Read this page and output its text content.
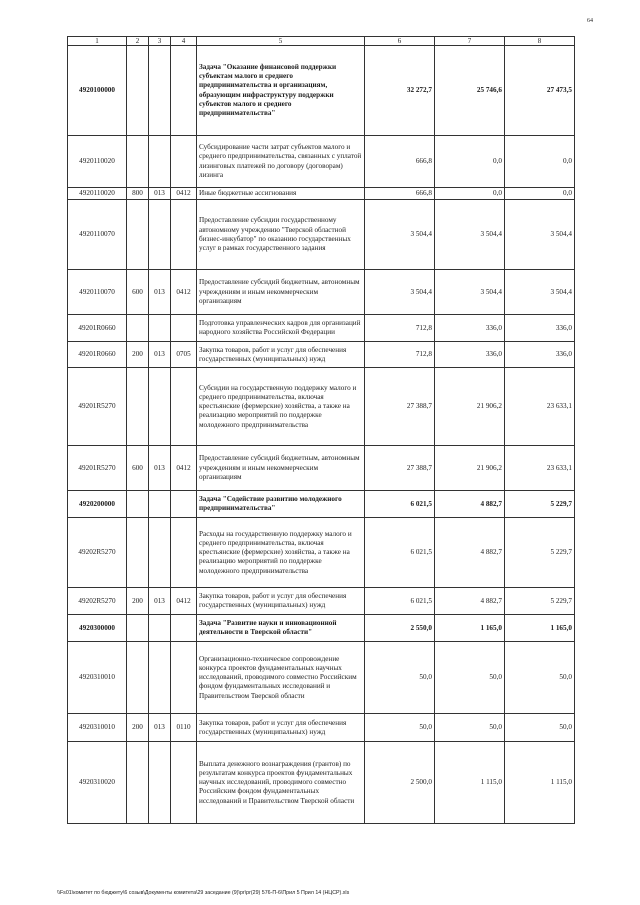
64
1	2	3	4	5	6	7	8
4920100000				Задача "Оказание финансовой поддержки субъектам малого и среднего предпринимательства и организациям, образующим инфраструктуру поддержки субъектов малого и среднего предпринимательства"	32 272,7	25 746,6	27 473,5
4920110020				Субсидирование части затрат субъектов малого и среднего предпринимательства, связанных с уплатой лизинговых платежей по договору (договорам) лизинга	666,8	0,0	0,0
4920110020	800	013	0412	Иные бюджетные ассигнования	666,8	0,0	0,0
4920110070				Предоставление субсидии государственному автономному учреждению "Тверской областной бизнес-инкубатор" по оказанию государственных услуг в рамках государственного задания	3 504,4	3 504,4	3 504,4
4920110070	600	013	0412	Предоставление субсидий бюджетным, автономным учреждениям и иным некоммерческим организациям	3 504,4	3 504,4	3 504,4
49201R0660				Подготовка управленческих кадров для организаций народного хозяйства Российской Федерации	712,8	336,0	336,0
49201R0660	200	013	0705	Закупка товаров, работ и услуг для обеспечения государственных (муниципальных) нужд	712,8	336,0	336,0
49201R5270				Субсидии на государственную поддержку малого и среднего предпринимательства, включая крестьянские (фермерские) хозяйства, а также на реализацию мероприятий по поддержке молодежного предпринимательства	27 388,7	21 906,2	23 633,1
49201R5270	600	013	0412	Предоставление субсидий бюджетным, автономным учреждениям и иным некоммерческим организациям	27 388,7	21 906,2	23 633,1
4920200000				Задача "Содействие развитию молодежного предпринимательства"	6 021,5	4 882,7	5 229,7
49202R5270				Расходы на государственную поддержку малого и среднего предпринимательства, включая крестьянские (фермерские) хозяйства, а также на реализацию мероприятий по поддержке молодежного предпринимательства	6 021,5	4 882,7	5 229,7
49202R5270	200	013	0412	Закупка товаров, работ и услуг для обеспечения государственных (муниципальных) нужд	6 021,5	4 882,7	5 229,7
4920300000				Задача "Развитие науки и инновационной деятельности в Тверской области"	2 550,0	1 165,0	1 165,0
4920310010				Организационно-техническое сопровождение конкурса проектов фундаментальных научных исследований, проводимого совместно Российским фондом фундаментальных исследований и Правительством Тверской области	50,0	50,0	50,0
4920310010	200	013	0110	Закупка товаров, работ и услуг для обеспечения государственных (муниципальных) нужд	50,0	50,0	50,0
4920310020				Выплата денежного вознаграждения (грантов) по результатам конкурса проектов фундаментальных научных исследований, проводимого совместно Российским фондом фундаментальных исследований и Правительством Тверской области	2 500,0	1 115,0	1 115,0
\\Fs01\комитет по бюджету\6 созыв\Документы комитета\29 заседание (9)\pr\pr(29) 576-П-6\Прил 5 Прил 14 (НЦСР).xls
